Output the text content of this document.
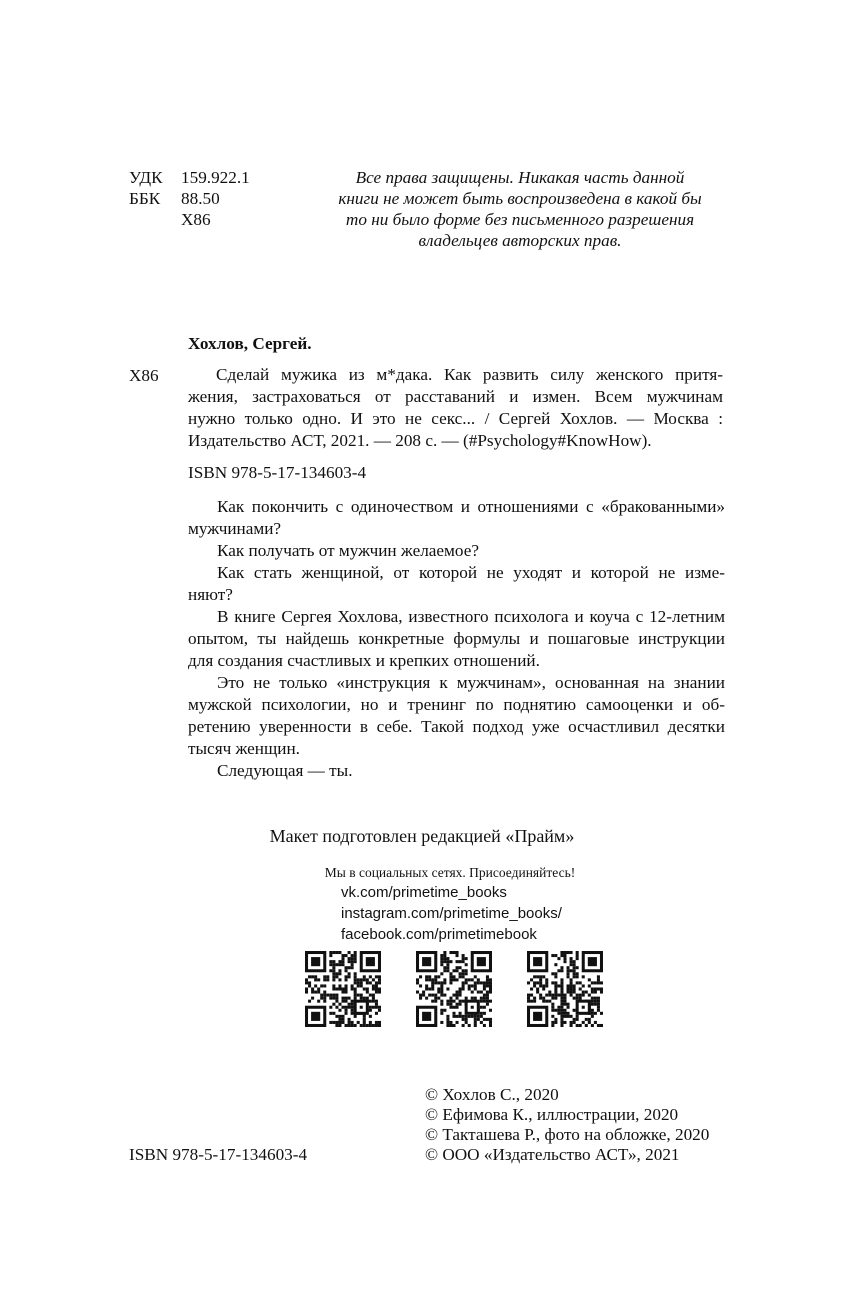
УДК	159.922.1
ББК	88.50
Х86
Все права защищены. Никакая часть данной
книги не может быть воспроизведена в какой бы
то ни было форме без письменного разрешения
владельцев авторских прав.
Хохлов, Сергей.
Х86	Сделай мужика из м*дака. Как развить силу женского притя-
жения, застраховаться от расставаний и измен. Всем мужчинам
нужно только одно. И это не секс... / Сергей Хохлов. — Москва :
Издательство АСТ, 2021. — 208 с. — (#Psychology#KnowHow).
ISBN 978-5-17-134603-4
Как покончить с одиночеством и отношениями с «бракованными»
мужчинами?
Как получать от мужчин желаемое?
Как стать женщиной, от которой не уходят и которой не изме-
няют?
В книге Сергея Хохлова, известного психолога и коуча с 12-летним
опытом, ты найдешь конкретные формулы и пошаговые инструкции
для создания счастливых и крепких отношений.
Это не только «инструкция к мужчинам», основанная на знании
мужской психологии, но и тренинг по поднятию самооценки и об-
ретению уверенности в себе. Такой подход уже осчастливил десятки
тысяч женщин.
Следующая — ты.
Макет подготовлен редакцией «Прайм»
Мы в социальных сетях. Присоединяйтесь!
vk.com/primetime_books
instagram.com/primetime_books/
facebook.com/primetimebook
ISBN 978-5-17-134603-4
© Хохлов С., 2020
© Ефимова К., иллюстрации, 2020
© Такташева Р., фото на обложке, 2020
© ООО «Издательство АСТ», 2021
